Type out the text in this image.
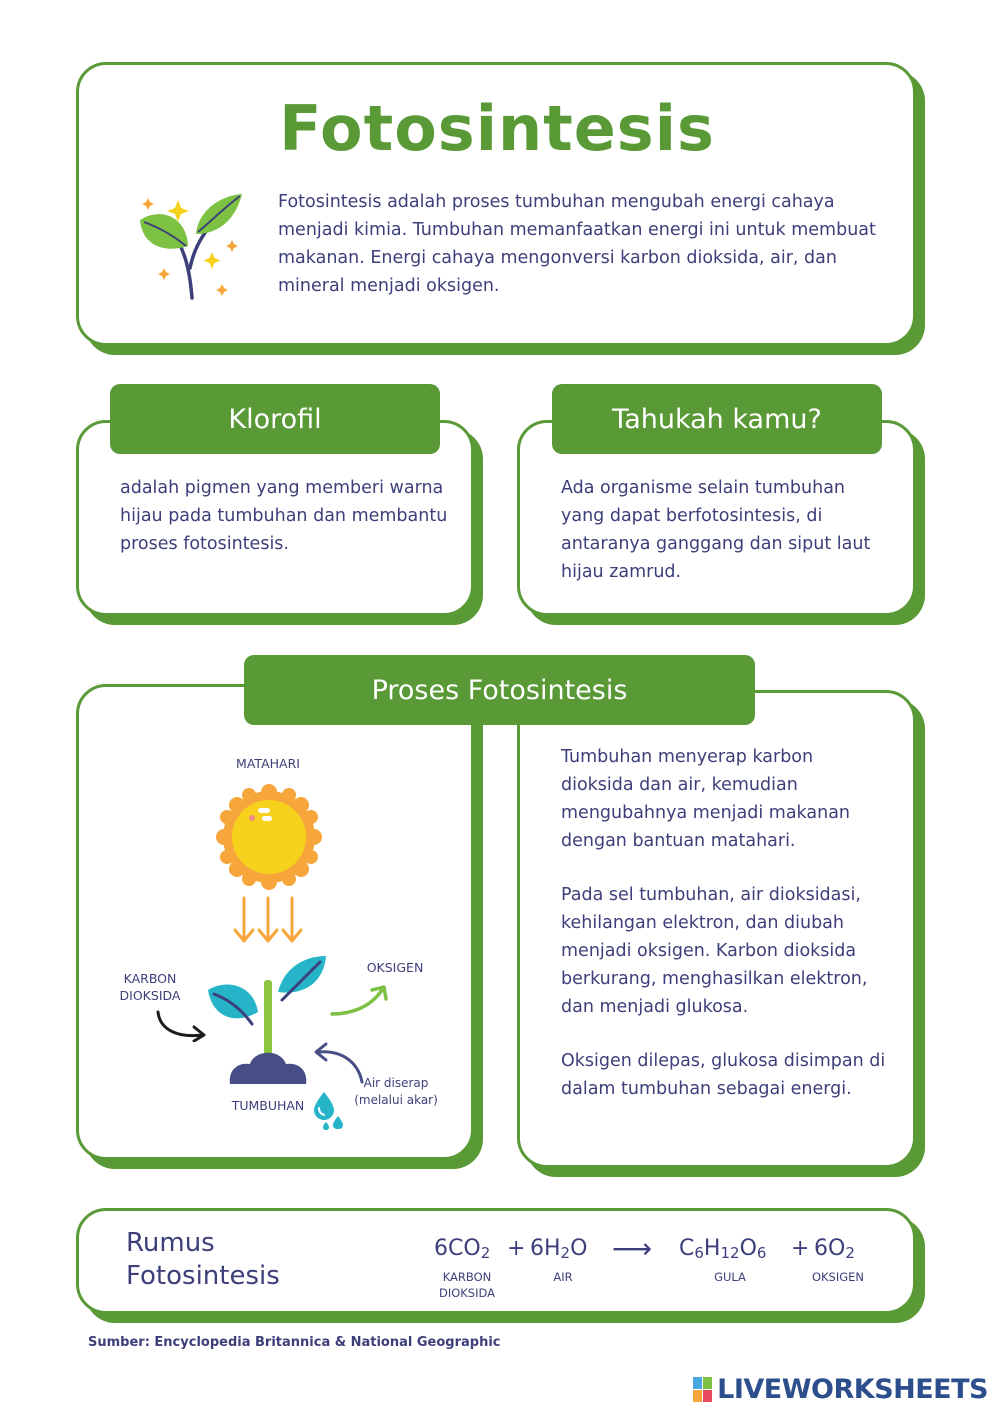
Fotosintesis

Fotosintesis adalah proses tumbuhan mengubah energi cahaya menjadi kimia. Tumbuhan memanfaatkan energi ini untuk membuat makanan. Energi cahaya mengonversi karbon dioksida, air, dan mineral menjadi oksigen.

Klorofil

adalah pigmen yang memberi warna hijau pada tumbuhan dan membantu proses fotosintesis.

Tahukah kamu?

Ada organisme selain tumbuhan yang dapat berfotosintesis, di antaranya ganggang dan siput laut hijau zamrud.

Proses Fotosintesis
MATAHARI
KARBON
DIOKSIDA
OKSIGEN
Air diserap
(melalui akar)
TUMBUHAN

Tumbuhan menyerap karbon dioksida dan air, kemudian mengubahnya menjadi makanan dengan bantuan matahari.

Pada sel tumbuhan, air dioksidasi, kehilangan elektron, dan diubah menjadi oksigen. Karbon dioksida berkurang, menghasilkan elektron, dan menjadi glukosa.

Oksigen dilepas, glukosa disimpan di dalam tumbuhan sebagai energi.

Rumus
Fotosintesis
$6CO_2 + 6H_2O$ ⟶ $C_6H_{12}O_6 + 6O_2$
KARBON
DIOKSIDA
AIR	GULA	OKSIGEN
Sumber: Encyclopedia Britannica & National Geographic
LIVEWORKSHEETS
